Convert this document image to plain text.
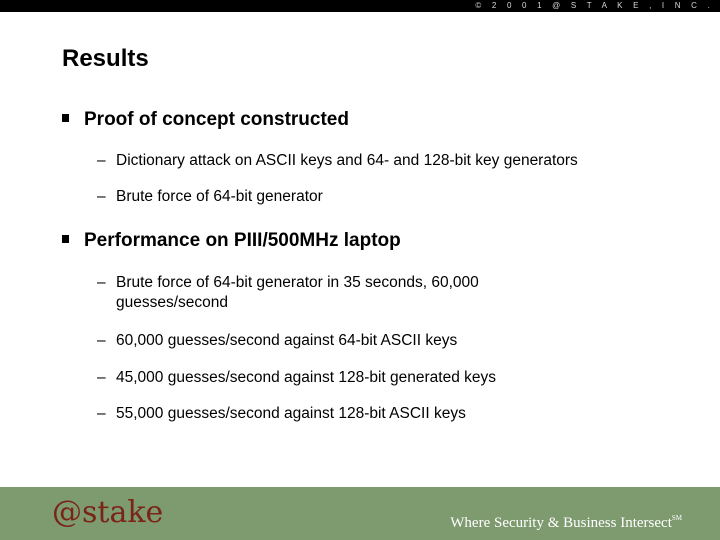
© 2 0 0 1 @ S T A K E , I N C .
Results
Proof of concept constructed
– Dictionary attack on ASCII keys and 64- and 128-bit key generators
– Brute force of 64-bit generator
Performance on PIII/500MHz laptop
– Brute force of 64-bit generator in 35 seconds, 60,000 guesses/second
– 60,000 guesses/second against 64-bit ASCII keys
– 45,000 guesses/second against 128-bit generated keys
– 55,000 guesses/second against 128-bit ASCII keys
@stake	Where Security & Business Intersect℠
